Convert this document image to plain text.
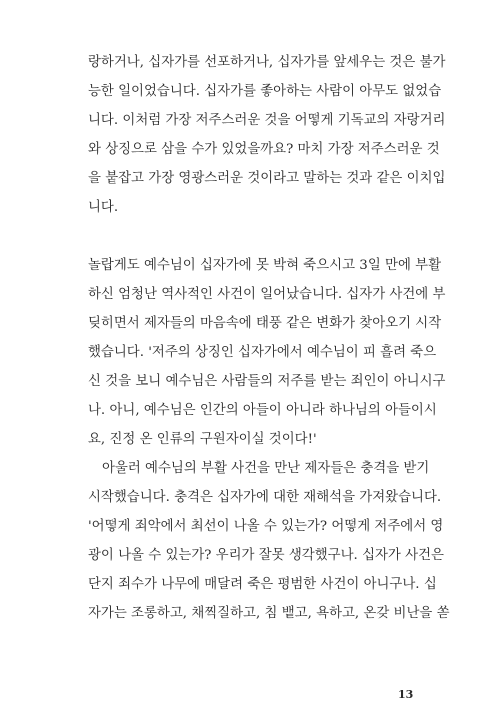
랑하거나, 십자가를 선포하거나, 십자가를 앞세우는 것은 불가
능한 일이었습니다. 십자가를 좋아하는 사람이 아무도 없었습
니다. 이처럼 가장 저주스러운 것을 어떻게 기독교의 자랑거리
와 상징으로 삼을 수가 있었을까요? 마치 가장 저주스러운 것
을 붙잡고 가장 영광스러운 것이라고 말하는 것과 같은 이치입
니다.
놀랍게도 예수님이 십자가에 못 박혀 죽으시고 3일 만에 부활
하신 엄청난 역사적인 사건이 일어났습니다. 십자가 사건에 부
딪히면서 제자들의 마음속에 태풍 같은 변화가 찾아오기 시작
했습니다. '저주의 상징인 십자가에서 예수님이 피 흘려 죽으
신 것을 보니 예수님은 사람들의 저주를 받는 죄인이 아니시구
나. 아니, 예수님은 인간의 아들이 아니라 하나님의 아들이시
요, 진정 온 인류의 구원자이실 것이다!'
아울러 예수님의 부활 사건을 만난 제자들은 충격을 받기
시작했습니다. 충격은 십자가에 대한 재해석을 가져왔습니다.
'어떻게 죄악에서 최선이 나올 수 있는가? 어떻게 저주에서 영
광이 나올 수 있는가? 우리가 잘못 생각했구나. 십자가 사건은
단지 죄수가 나무에 매달려 죽은 평범한 사건이 아니구나. 십
자가는 조롱하고, 채찍질하고, 침 뱉고, 욕하고, 온갖 비난을 쏟
13
